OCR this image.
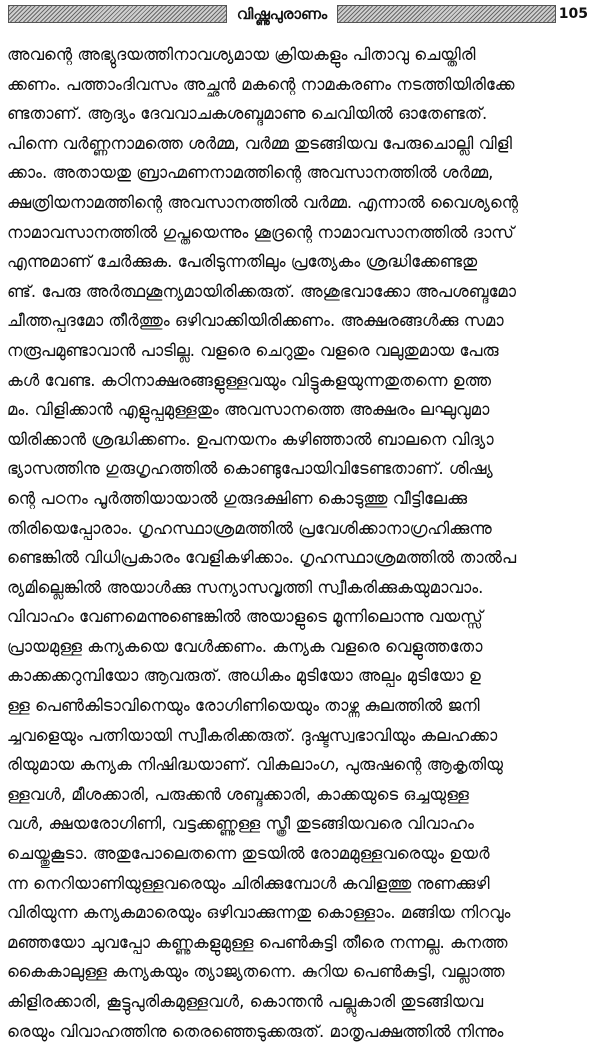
വിഷ്ണുപുരാണം	105
അവന്റെ അഭ്യുദയത്തിനാവശ്യമായ ക്രിയകളും പിതാവു ചെയ്തിരി
ക്കണം. പത്താംദിവസം അച്ഛൻ മകന്റെ നാമകരണം നടത്തിയിരിക്കേ
ണ്ടതാണ്. ആദ്യം ദേവവാചകശബ്ദമാണു ചെവിയിൽ ഓതേണ്ടത്.
പിന്നെ വർണ്ണനാമത്തെ ശർമ്മ, വർമ്മ തുടങ്ങിയവ പേരുചൊല്ലി വിളി
ക്കാം. അതായതു ബ്രാഹ്മണനാമത്തിന്റെ അവസാനത്തിൽ ശർമ്മ,
ക്ഷത്രിയനാമത്തിന്റെ അവസാനത്തിൽ വർമ്മ. എന്നാൽ വൈശ്യന്റെ
നാമാവസാനത്തിൽ ഗുപ്തയെന്നും ശൂദ്രന്റെ നാമാവസാനത്തിൽ ദാസ്
എന്നുമാണ് ചേർക്കുക. പേരിടുന്നതിലും പ്രത്യേകം ശ്രദ്ധിക്കേണ്ടതു
ണ്ട്. പേരു അർത്ഥശൂന്യമായിരിക്കരുത്. അശുഭവാക്കോ അപശബ്ദമോ
ചീത്തപ്പദമോ തീർത്തും ഒഴിവാക്കിയിരിക്കണം. അക്ഷരങ്ങൾക്കു സമാ
നരൂപമുണ്ടാവാൻ പാടില്ല. വളരെ ചെറുതും വളരെ വലുതുമായ പേരു
കൾ വേണ്ട. കഠിനാക്ഷരങ്ങളുള്ളവയും വിട്ടുകളയുന്നതുതന്നെ ഉത്ത
മം. വിളിക്കാൻ എളുപ്പമുള്ളതും അവസാനത്തെ അക്ഷരം ലഘുവുമാ
യിരിക്കാൻ ശ്രദ്ധിക്കണം. ഉപനയനം കഴിഞ്ഞാൽ ബാലനെ വിദ്യാ
ഭ്യാസത്തിനു ഗുരുഗൃഹത്തിൽ കൊണ്ടുപോയിവിടേണ്ടതാണ്. ശിഷ്യ
ന്റെ പഠനം പൂർത്തിയായാൽ ഗുരുദക്ഷിണ കൊടുത്തു വീട്ടിലേക്കു
തിരിയെപ്പോരാം. ഗൃഹസ്ഥാശ്രമത്തിൽ പ്രവേശിക്കാനാഗ്രഹിക്കുന്നു
ണ്ടെങ്കിൽ വിധിപ്രകാരം വേളികഴിക്കാം. ഗൃഹസ്ഥാശ്രമത്തിൽ താൽപ
ര്യമില്ലെങ്കിൽ അയാൾക്കു സന്യാസവൃത്തി സ്വീകരിക്കുകയുമാവാം.
വിവാഹം വേണമെന്നുണ്ടെങ്കിൽ അയാളുടെ മൂന്നിലൊന്നു വയസ്സ്
പ്രായമുള്ള കന്യകയെ വേൾക്കണം. കന്യക വളരെ വെളുത്തതോ
കാക്കക്കറുമ്പിയോ ആവരുത്. അധികം മുടിയോ അല്പം മുടിയോ ഉ
ള്ള പെൺകിടാവിനെയും രോഗിണിയെയും താഴ്ന്ന കുലത്തിൽ ജനി
ച്ചവളെയും പത്നിയായി സ്വീകരിക്കരുത്. ദുഷ്ടസ്വഭാവിയും കലഹക്കാ
രിയുമായ കന്യക നിഷിദ്ധയാണ്. വികലാംഗ, പുരുഷന്റെ ആകൃതിയു
ള്ളവൾ, മീശക്കാരി, പരുക്കൻ ശബ്ദക്കാരി, കാക്കയുടെ ഒച്ചയുള്ള
വൾ, ക്ഷയരോഗിണി, വട്ടക്കണ്ണുള്ള സ്ത്രീ തുടങ്ങിയവരെ വിവാഹം
ചെയ്തുകൂടാ. അതുപോലെതന്നെ തുടയിൽ രോമമുള്ളവരെയും ഉയർ
ന്ന നെറിയാണിയുള്ളവരെയും ചിരിക്കുമ്പോൾ കവിളത്തു നുണക്കുഴി
വിരിയുന്ന കന്യകമാരെയും ഒഴിവാക്കുന്നതു കൊള്ളാം. മങ്ങിയ നിറവും
മഞ്ഞയോ ചുവപ്പോ കണ്ണുകളുമുള്ള പെൺകുട്ടി തീരെ നന്നല്ല. കനത്ത
കൈകാലുള്ള കന്യകയും ത്യാജ്യതന്നെ. കുറിയ പെൺകുട്ടി, വല്ലാത്ത
കിളിരക്കാരി, കൂട്ടുപുരികമുള്ളവൾ, കൊന്തൻ പല്ലുകാരി തുടങ്ങിയവ
രെയും വിവാഹത്തിനു തെരഞ്ഞെടുക്കരുത്. മാതൃപക്ഷത്തിൽ നിന്നും
